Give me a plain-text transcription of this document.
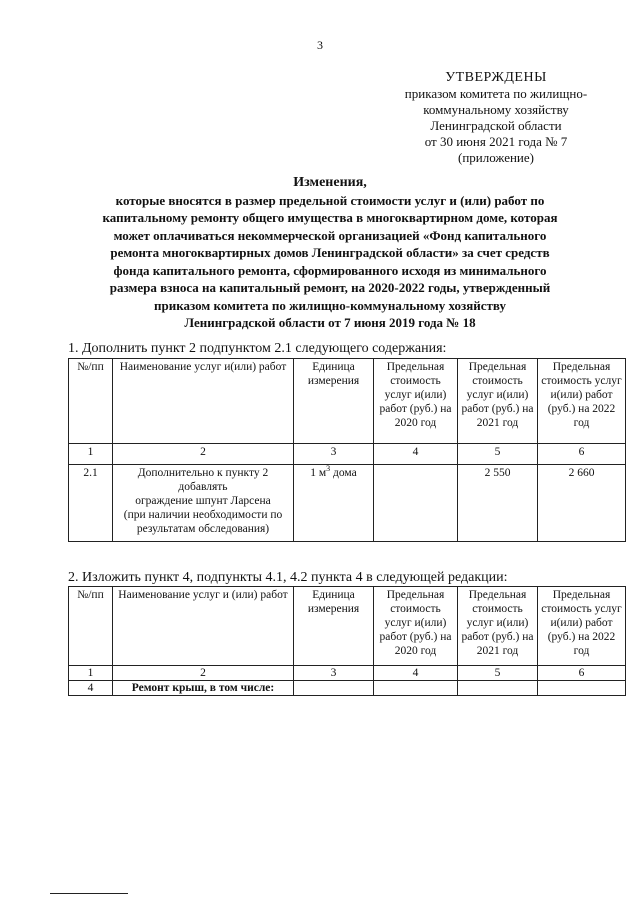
3
УТВЕРЖДЕНЫ
приказом комитета по жилищно-
коммунальному хозяйству
Ленинградской области
от 30 июня 2021 года № 7
(приложение)
Изменения,
которые вносятся в размер предельной стоимости услуг и (или) работ по
капитальному ремонту общего имущества в многоквартирном доме, которая
может оплачиваться некоммерческой организацией «Фонд капитального
ремонта многоквартирных домов Ленинградской области» за счет средств
фонда капитального ремонта, сформированного исходя из минимального
размера взноса на капитальный ремонт, на 2020-2022 годы, утвержденный
приказом комитета по жилищно-коммунальному хозяйству
Ленинградской области от 7 июня 2019 года № 18
1. Дополнить пункт 2 подпунктом 2.1 следующего содержания:
№/пп	Наименование услуг и(или) работ	Единица измерения	Предельная стоимость услуг и(или) работ (руб.) на 2020 год	Предельная стоимость услуг и(или) работ (руб.) на 2021 год	Предельная стоимость услуг и(или) работ (руб.) на 2022 год
1	2	3	4	5	6
2.1	Дополнительно к пункту 2
добавлять
ограждение шпунт Ларсена
(при наличии необходимости по
результатам обследования)	1 $м^3$ дома		2 550	2 660
2. Изложить пункт 4, подпункты 4.1, 4.2 пункта 4 в следующей редакции:
№/пп	Наименование услуг и (или) работ	Единица измерения	Предельная стоимость услуг и(или) работ (руб.) на 2020 год	Предельная стоимость услуг и(или) работ (руб.) на 2021 год	Предельная стоимость услуг и(или) работ (руб.) на 2022 год
1	2	3	4	5	6
4	Ремонт крыш, в том числе:				
